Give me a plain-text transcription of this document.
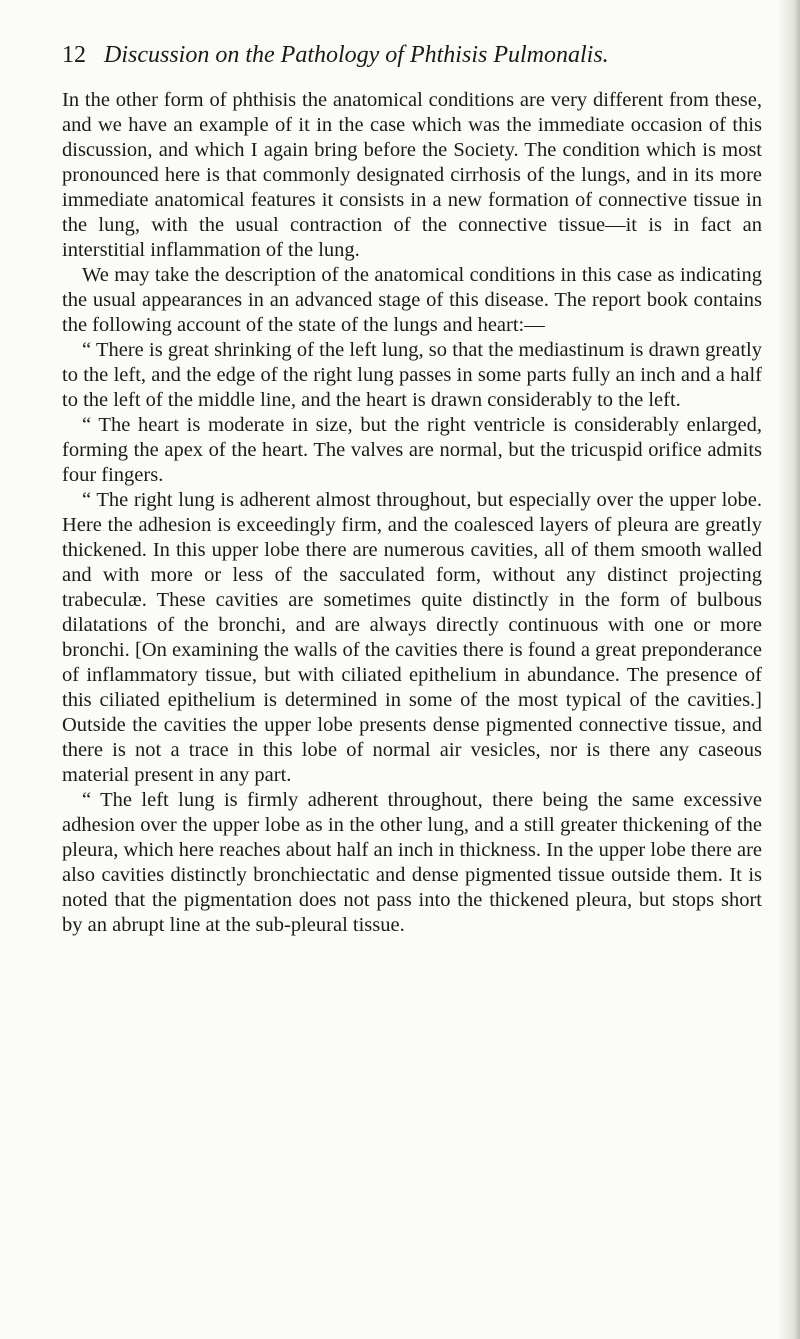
12 Discussion on the Pathology of Phthisis Pulmonalis.

In the other form of phthisis the anatomical conditions are very different from these, and we have an example of it in the case which was the immediate occasion of this discussion, and which I again bring before the Society. The condition which is most pronounced here is that commonly designated cirrhosis of the lungs, and in its more immediate anatomical features it consists in a new formation of connective tissue in the lung, with the usual contraction of the connective tissue—it is in fact an interstitial inflammation of the lung.

We may take the description of the anatomical conditions in this case as indicating the usual appearances in an advanced stage of this disease. The report book contains the following account of the state of the lungs and heart:—

“ There is great shrinking of the left lung, so that the mediastinum is drawn greatly to the left, and the edge of the right lung passes in some parts fully an inch and a half to the left of the middle line, and the heart is drawn considerably to the left.

“ The heart is moderate in size, but the right ventricle is considerably enlarged, forming the apex of the heart. The valves are normal, but the tricuspid orifice admits four fingers.

“ The right lung is adherent almost throughout, but especially over the upper lobe. Here the adhesion is exceedingly firm, and the coalesced layers of pleura are greatly thickened. In this upper lobe there are numerous cavities, all of them smooth walled and with more or less of the sacculated form, without any distinct projecting trabeculæ. These cavities are sometimes quite distinctly in the form of bulbous dilatations of the bronchi, and are always directly continuous with one or more bronchi. [On examining the walls of the cavities there is found a great preponderance of inflammatory tissue, but with ciliated epithelium in abundance. The presence of this ciliated epithelium is determined in some of the most typical of the cavities.] Outside the cavities the upper lobe presents dense pigmented connective tissue, and there is not a trace in this lobe of normal air vesicles, nor is there any caseous material present in any part.

“ The left lung is firmly adherent throughout, there being the same excessive adhesion over the upper lobe as in the other lung, and a still greater thickening of the pleura, which here reaches about half an inch in thickness. In the upper lobe there are also cavities distinctly bronchiectatic and dense pigmented tissue outside them. It is noted that the pigmentation does not pass into the thickened pleura, but stops short by an abrupt line at the sub-pleural tissue.
